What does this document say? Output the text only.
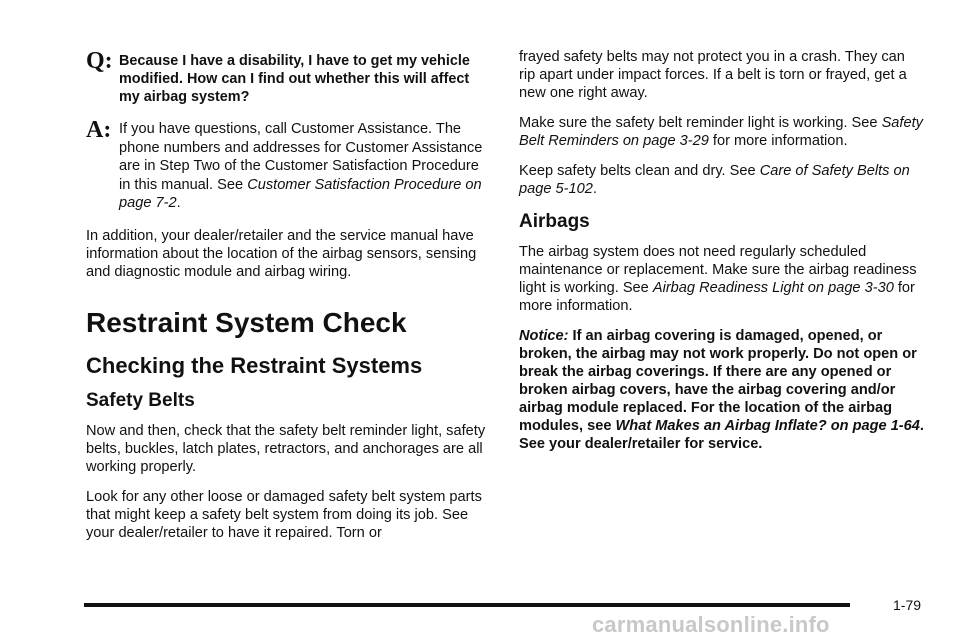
Q: Because I have a disability, I have to get my vehicle modified. How can I find out whether this will affect my airbag system?
A: If you have questions, call Customer Assistance. The phone numbers and addresses for Customer Assistance are in Step Two of the Customer Satisfaction Procedure in this manual. See Customer Satisfaction Procedure on page 7-2.

In addition, your dealer/retailer and the service manual have information about the location of the airbag sensors, sensing and diagnostic module and airbag wiring.

Restraint System Check
Checking the Restraint Systems
Safety Belts

Now and then, check that the safety belt reminder light, safety belts, buckles, latch plates, retractors, and anchorages are all working properly.

Look for any other loose or damaged safety belt system parts that might keep a safety belt system from doing its job. See your dealer/retailer to have it repaired. Torn or

frayed safety belts may not protect you in a crash. They can rip apart under impact forces. If a belt is torn or frayed, get a new one right away.

Make sure the safety belt reminder light is working. See Safety Belt Reminders on page 3-29 for more information.

Keep safety belts clean and dry. See Care of Safety Belts on page 5-102.

Airbags

The airbag system does not need regularly scheduled maintenance or replacement. Make sure the airbag readiness light is working. See Airbag Readiness Light on page 3-30 for more information.

Notice: If an airbag covering is damaged, opened, or broken, the airbag may not work properly. Do not open or break the airbag coverings. If there are any opened or broken airbag covers, have the airbag covering and/or airbag module replaced. For the location of the airbag modules, see What Makes an Airbag Inflate? on page 1-64. See your dealer/retailer for service.

1-79
carmanualsonline.info
